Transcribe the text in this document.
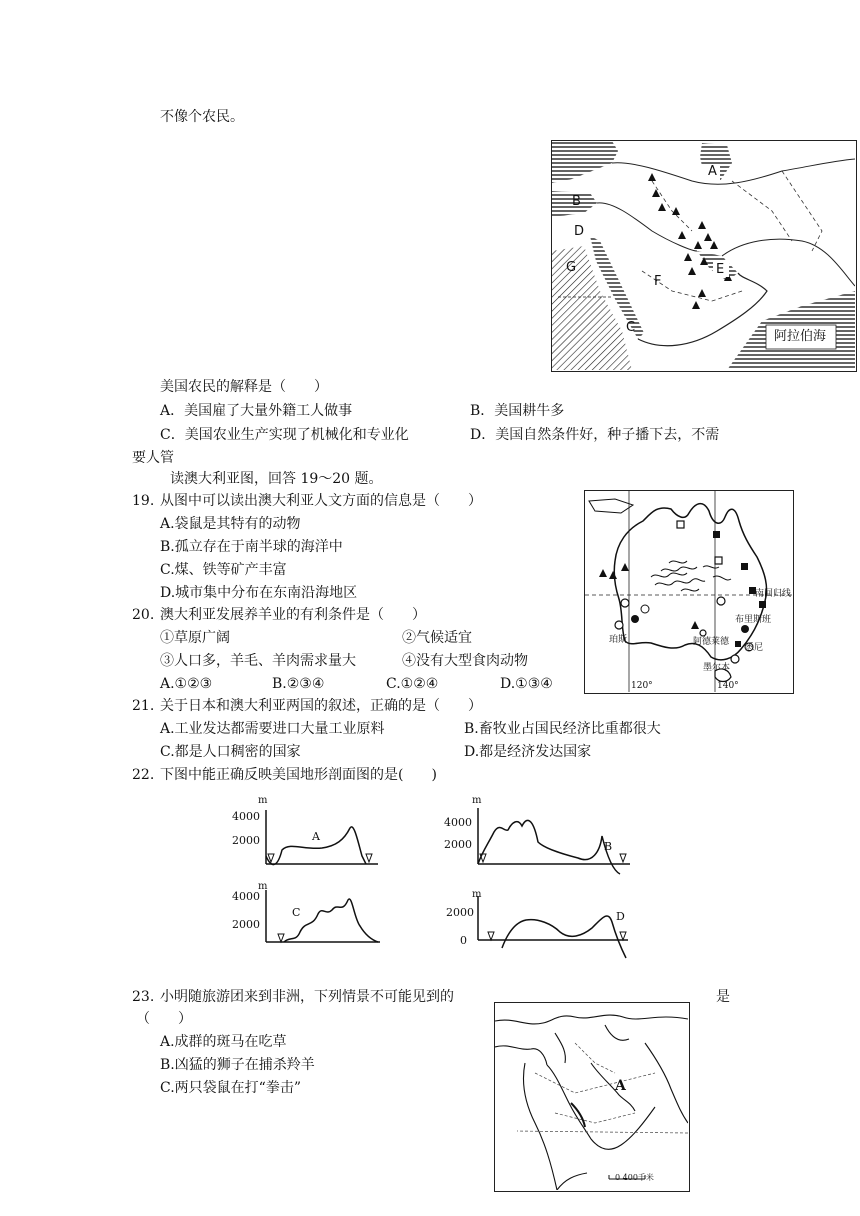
不像个农民。
A
B
D
G
F
E
C
阿拉伯海
美国农民的解释是（　　）
A．美国雇了大量外籍工人做事	B．美国耕牛多
C．美国农业生产实现了机械化和专业化	D．美国自然条件好，种子播下去，不需
要人管
读澳大利亚图，回答 19～20 题。
19. 从图中可以读出澳大利亚人文方面的信息是（　　）
A.袋鼠是其特有的动物
B.孤立存在于南半球的海洋中
C.煤、铁等矿产丰富
D.城市集中分布在东南沿海地区
20. 澳大利亚发展养羊业的有利条件是（　　）
①草原广阔	②气候适宜
③人口多，羊毛、羊肉需求量大	④没有大型食肉动物
A.①②③	B.②③④	C.①②④	D.①③④
南回归线
布里斯班
珀斯	阿德莱德
悉尼
墨尔本
120°	140°
21. 关于日本和澳大利亚两国的叙述，正确的是（　　）
A.工业发达都需要进口大量工业原料	B.畜牧业占国民经济比重都很大
C.都是人口稠密的国家	D.都是经济发达国家
22. 下图中能正确反映美国地形剖面图的是(　　)
m
4000
2000	A
m
4000
2000	B
4000
2000
m
C
m
2000
0
D
23. 小明随旅游团来到非洲，下列情景不可能见到的	是
（　　）
A.成群的斑马在吃草
B.凶猛的狮子在捕杀羚羊
C.两只袋鼠在打“拳击”	A
0 400千米
